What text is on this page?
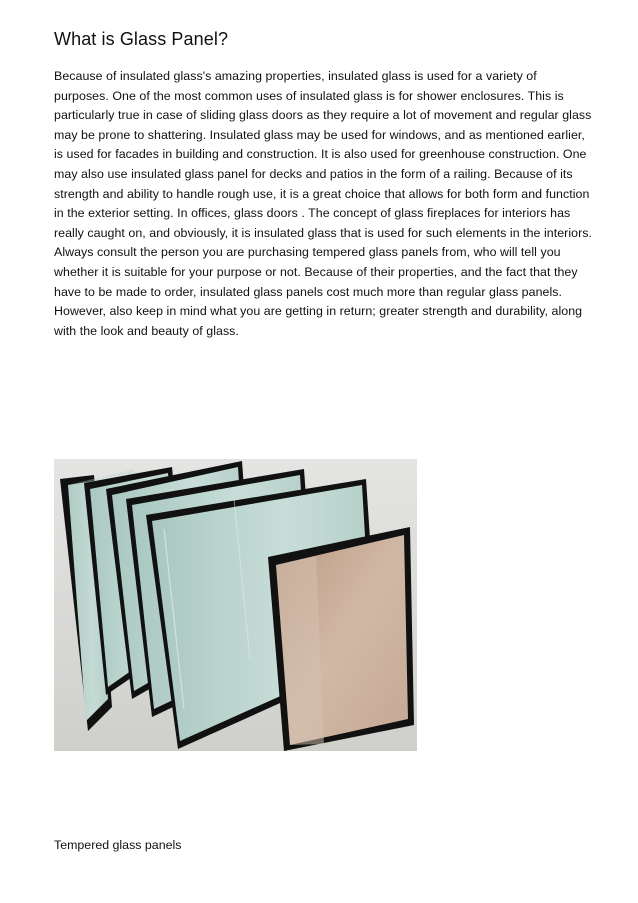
What is Glass Panel?

Because of insulated glass's amazing properties, insulated glass is used for a variety of purposes. One of the most common uses of insulated glass is for shower enclosures. This is particularly true in case of sliding glass doors as they require a lot of movement and regular glass may be prone to shattering. Insulated glass may be used for windows, and as mentioned earlier, is used for facades in building and construction. It is also used for greenhouse construction. One may also use insulated glass panel for decks and patios in the form of a railing. Because of its strength and ability to handle rough use, it is a great choice that allows for both form and function in the exterior setting. In offices, glass doors . The concept of glass fireplaces for interiors has really caught on, and obviously, it is insulated glass that is used for such elements in the interiors. Always consult the person you are purchasing tempered glass panels from, who will tell you whether it is suitable for your purpose or not. Because of their properties, and the fact that they have to be made to order, insulated glass panels cost much more than regular glass panels. However, also keep in mind what you are getting in return; greater strength and durability, along with the look and beauty of glass.

Tempered glass panels
